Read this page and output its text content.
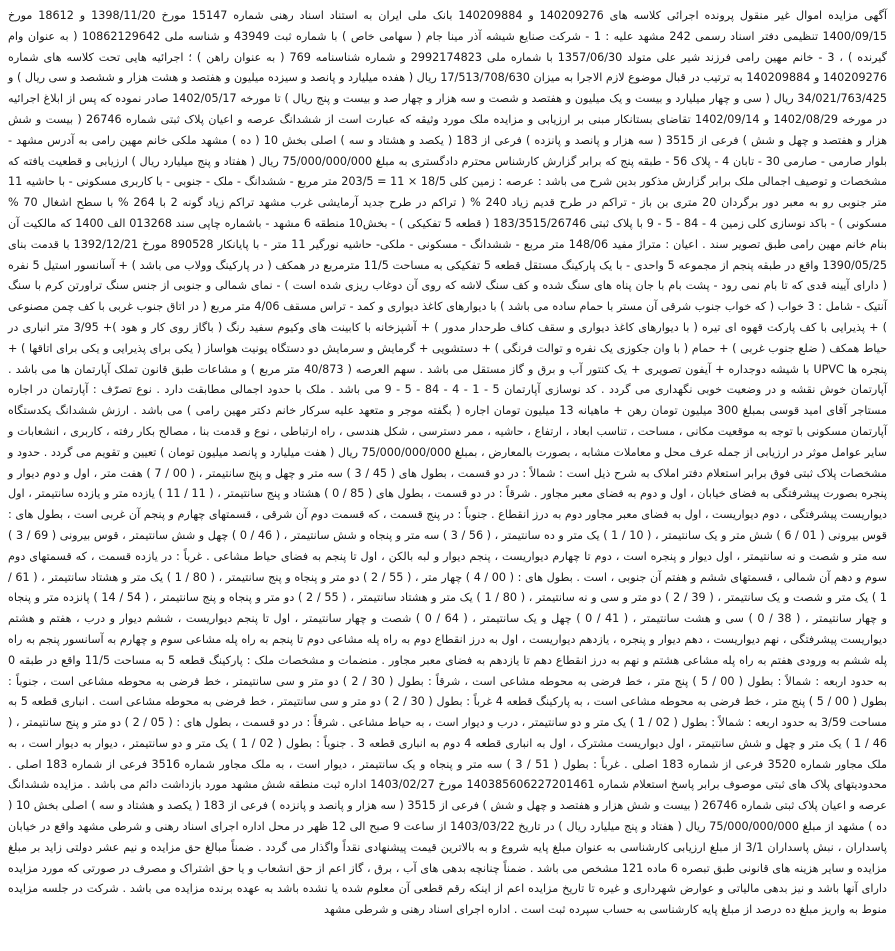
آگهی مزایده اموال غیر منقول پرونده اجرائی کلاسه های 140209276 و 140209884 بانک ملی ایران به استناد اسناد رهنی شماره 15147 مورخ 1398/11/20 و 18612 مورخ 1400/09/15 تنظیمی دفتر اسناد رسمی 242 مشهد علیه : 1 - شرکت صنایع شیشه آذر مینا جام ( سهامی خاص ) با شماره ثبت 43949 و شناسه ملی 10862129642 ( به عنوان وام گیرنده ) ، 3 - خانم مهین رامی فرزند شیر علی متولد 1357/06/30 با شماره ملی 2992174823 و شماره شناسنامه 769 ( به عنوان راهن ) ؛ اجرائیه هایی تحت کلاسه های شماره 140209276 و 140209884 به ترتیب در قبال موضوع لازم الاجرا به میزان 17/513/708/630 ریال ( هفده میلیارد و پانصد و سیزده میلیون و هفتصد و هشت هزار و ششصد و سی ریال ) و 34/021/763/425 ریال ( سی و چهار میلیارد و بیست و یک میلیون و هفتصد و شصت و سه هزار و چهار صد و بیست و پنج ریال ) تا مورخه 1402/05/17 صادر نموده که پس از ابلاغ اجرائیه در مورخه 1402/08/29 و 1402/09/14 تقاضای بستانکار مبنی بر ارزیابی و مزایده ملک مورد وثیقه که عبارت است از ششدانگ عرصه و اعیان پلاک ثبتی شماره 26746 ( بیست و شش هزار و هفتصد و چهل و شش ) فرعی از 3515 ( سه هزار و پانصد و پانزده ) فرعی از 183 ( یکصد و هشتاد و سه ) اصلی بخش 10 ( ده ) مشهد ملکی خانم مهین رامی به آدرس مشهد - بلوار صارمی - صارمی 30 - تابان 4 - پلاک 56 - طبقه پنج که برابر گزارش کارشناس محترم دادگستری به مبلغ 75/000/000/000 ریال ( هفتاد و پنج میلیارد ریال ) ارزیابی و قطعیت یافته که مشخصات و توصیف اجمالی ملک برابر گزارش مذکور بدین شرح می باشد : عرصه : زمین کلی 18/5 × 11 = 203/5 متر مربع - ششدانگ - ملک - جنوبی - با کاربری مسکونی - با حاشیه 11 متر جنوبی رو به معبر دور برگردان 20 متری بن باز - تراکم در طرح قدیم زیاد 240 % ( تراکم در طرح جدید آرمایشی غرب مشهد تراکم زیاد گونه 2 با 264 % با سطح اشغال 70 % مسکونی ) - باکد نوسازی کلی زمین 4 - 84 - 5 - 9 با پلاک ثبتی 183/3515/26746 ( قطعه 5 تفکیکی ) - بخش10 منطقه 6 مشهد - باشماره چاپی سند 013268 الف 1400 که مالکیت آن بنام خانم مهین رامی طبق تصویر سند . اعیان : متراژ مفید 148/06 متر مربع - ششدانگ - مسکونی - ملکی- حاشیه نورگیر 11 متر - با پایانکار 890528 مورخ 1392/12/21 با قدمت بنای 1390/05/25 واقع در طبقه پنجم از مجموعه 5 واحدی - با یک پارکینگ مستقل قطعه 5 تفکیکی به مساحت 11/5 مترمربع در همکف ( در پارکینگ وولاب می باشد ) + آسانسور استیل 5 نفره ( دارای آیینه قدی که تا بام نمی رود - پشت بام با جان پناه های سنگ شده و کف سنگ لاشه که روی آن دوغاب ریزی شده است ) - نمای شمالی و جنوبی از جنس سنگ تراورتن کرم با سنگ آنتیک - شامل : 3 خواب ( که خواب جنوب شرقی آن مستر با حمام ساده می باشد ) با دیوارهای کاغذ دیواری و کمد - تراس مسقف 4/06 متر مربع ( در اتاق جنوب غربی با کف چمن مصنوعی ) + پذیرایی با کف پارکت قهوه ای تیره ( با دیوارهای کاغذ دیواری و سقف کناف طرحدار مدور ) + آشپزخانه با کابینت های وکیوم سفید رنگ ( باگاز روی کار و هود )+ 3/95 متر انباری در حیاط همکف ( ضلع جنوب غربی ) + حمام ( با وان جکوزی یک نفره و توالت فرنگی ) + دستشویی + گرمایش و سرمایش دو دستگاه یونیت هواساز ( یکی برای پذیرایی و یکی برای اتاقها ) + پنجره ها UPVC با شیشه دوجداره + آیفون تصویری + یک کنتور آب و برق و گاز مستقل می باشد . سهم العرصه ( 40/873 متر مربع ) و مشاعات طبق قانون تملک آپارتمان ها می باشد . آپارتمان خوش نقشه و در وضعیت خوبی نگهداری می گردد . کد نوسازی آپارتمان 5 - 1 - 4 - 84 - 5 - 9 می باشد . ملک با حدود اجمالی مطابقت دارد . نوع تصرّف : آپارتمان در اجاره مستاجر آقای امید قوسی بمبلغ 300 میلیون تومان رهن + ماهیانه 13 میلیون تومان اجاره ( بگفته موجر و متعهد علیه سرکار خانم دکتر مهین رامی ) می باشد . ارزش ششدانگ یکدستگاه آپارتمان مسکونی با توجه به موقعیت مکانی ، مساحت ، تناسب ابعاد ، ارتفاع ، حاشیه ، ممر دسترسی ، شکل هندسی ، راه ارتباطی ، نوع و قدمت بنا ، مصالح بکار رفته ، کاربری ، انشعابات و سایر عوامل موثر در ارزیابی از جمله عرف محل و معاملات مشابه ، بصورت بالمعارض ، بمبلغ 75/000/000/000 ریال ( هفت میلیارد و پانصد میلیون تومان ) تعیین و تقویم می گردد . حدود و مشخصات پلاک ثبتی فوق برابر استعلام دفتر املاک به شرح ذیل است : شمالاً : در دو قسمت ، بطول های ( 45 / 3 ) سه متر و چهل و پنج سانتیمتر ، ( 00 / 7 ) هفت متر ، اول و دوم دیوار و پنجره بصورت پیشرفتگی به فضای خیابان ، اول و دوم به فضای معبر مجاور . شرقاً : در دو قسمت ، بطول های ( 85 / 0 ) هشتاد و پنج سانتیمتر ، ( 11 / 11 ) یازده متر و یازده سانتیمتر ، اول دیواریست پیشرفتگی ، دوم دیواریست ، اول به فضای معبر مجاور دوم به درز انقطاع . جنوباً : در پنج قسمت ، که قسمت دوم آن شرقی ، قسمتهای چهارم و پنجم آن غربی است ، بطول های : قوس بیرونی ( 01 / 6 ) شش متر و یک سانتیمتر ، ( 10 / 1 ) یک متر و ده سانتیمتر ، ( 56 / 3 ) سه متر و پنجاه و شش سانتیمتر ، ( 46 / 0 ) چهل و شش سانتیمتر ، قوس بیرونی ( 69 / 3 ) سه متر و شصت و نه سانتیمتر ، اول دیوار و پنجره است ، دوم تا چهارم دیواریست ، پنجم دیوار و لبه بالکن ، اول تا پنجم به فضای حیاط مشاعی . غرباً : در یازده قسمت ، که قسمتهای دوم سوم و دهم آن شمالی ، قسمتهای ششم و هفتم آن جنوبی ، است . بطول های : ( 00 / 4 ) چهار متر ، ( 55 / 2 ) دو متر و پنجاه و پنج سانتیمتر ، ( 80 / 1 ) یک متر و هشتاد سانتیمتر ، ( 61 / 1 ) یک متر و شصت و یک سانتیمتر ، ( 39 / 2 ) دو متر و سی و نه سانتیمتر ، ( 80 / 1 ) یک متر و هشتاد سانتیمتر ، ( 55 / 2 ) دو متر و پنجاه و پنج سانتیمتر ، ( 54 / 14 ) پانزده متر و پنجاه و چهار سانتیمتر ، ( 38 / 0 ) سی و هشت سانتیمتر ، ( 41 / 0 ) چهل و یک سانتیمتر ، ( 64 / 0 ) شصت و چهار سانتیمتر ، اول تا پنجم دیواریست ، ششم دیوار و درب ، هفتم و هشتم دیواریست پیشرفتگی ، نهم دیواریست ، دهم دیوار و پنجره ، یازدهم دیواریست ، اول به درز انقطاع دوم به راه پله مشاعی دوم تا پنجم به راه پله مشاعی سوم و چهارم به آسانسور پنجم به راه پله ششم به ورودی هفتم به راه پله مشاعی هشتم و نهم به درز انقطاع دهم تا یازدهم به فضای معبر مجاور . منضمات و مشخصات ملک : پارکینگ قطعه 5 به مساحت 11/5 واقع در طبقه 0 به حدود اربعه : شمالاً : بطول ( 00 / 5 ) پنج متر ، خط فرضی به محوطه مشاعی است ، شرقاً : بطول ( 30 / 2 ) دو متر و سی سانتیمتر ، خط فرضی به محوطه مشاعی است ، جنوباً : بطول ( 00 / 5 ) پنج متر ، خط فرضی به محوطه مشاعی است ، به پارکینگ قطعه 4 غرباً : بطول ( 30 / 2 ) دو متر و سی سانتیمتر ، خط فرضی به محوطه مشاعی است . انباری قطعه 5 به مساحت 3/59 به حدود اربعه : شمالاً : بطول ( 02 / 1 ) یک متر و دو سانتیمتر ، درب و دیوار است ، به حیاط مشاعی . شرقاً : در دو قسمت ، بطول های : ( 05 / 2 ) دو متر و پنج سانتیمتر ، ( 46 / 1 ) یک متر و چهل و شش سانتیمتر ، اول دیواریست مشترک ، اول به انباری قطعه 4 دوم به انباری قطعه 3 . جنوباً : بطول ( 02 / 1 ) یک متر و دو سانتیمتر ، دیوار به دیوار است ، به ملک مجاور شماره 3520 فرعی از شماره 183 اصلی . غرباً : بطول ( 51 / 3 ) سه متر و پنجاه و یک سانتیمتر ، دیوار است ، به ملک مجاور شماره 3516 فرعی از شماره 183 اصلی . محدودیتهای پلاک های ثبتی موصوف برابر پاسخ استعلام شماره 140385606227201461 مورخ 1403/02/27 اداره ثبت منطقه شش مشهد مورد بازداشت دائم می باشد . مزایده ششدانگ عرصه و اعیان پلاک ثبتی شماره 26746 ( بیست و شش هزار و هفتصد و چهل و شش ) فرعی از 3515 ( سه هزار و پانصد و پانزده ) فرعی از 183 ( یکصد و هشتاد و سه ) اصلی بخش 10 ( ده ) مشهد از مبلغ 75/000/000/000 ریال ( هفتاد و پنج میلیارد ریال ) در تاریخ 1403/03/22 از ساعت 9 صبح الی 12 ظهر در محل اداره اجرای اسناد رهنی و شرطی مشهد واقع در خیابان پاسداران ، نبش پاسداران 3/1 از مبلغ ارزیابی کارشناسی به عنوان مبلغ پایه شروع و به بالاترین قیمت پیشنهادی نقداً واگذار می گردد . ضمناً مبالغ حق مزایده و نیم عشر دولتی زاید بر مبلغ مزایده و سایر هزینه های قانونی طبق تبصره 6 ماده 121 مشخص می باشد . ضمناً چنانچه بدهی های آب ، برق ، گاز اعم از حق انشعاب و یا حق اشتراک و مصرف در صورتی که مورد مزایده دارای آنها باشد و نیز بدهی مالیاتی و عوارض شهرداری و غیره تا تاریخ مزایده اعم از اینکه رقم قطعی آن معلوم شده یا نشده باشد به عهده برنده مزایده می باشد . شرکت در جلسه مزایده منوط به واریز مبلغ ده درصد از مبلغ پایه کارشناسی به حساب سپرده ثبت است . اداره اجرای اسناد رهنی و شرطی مشهد
